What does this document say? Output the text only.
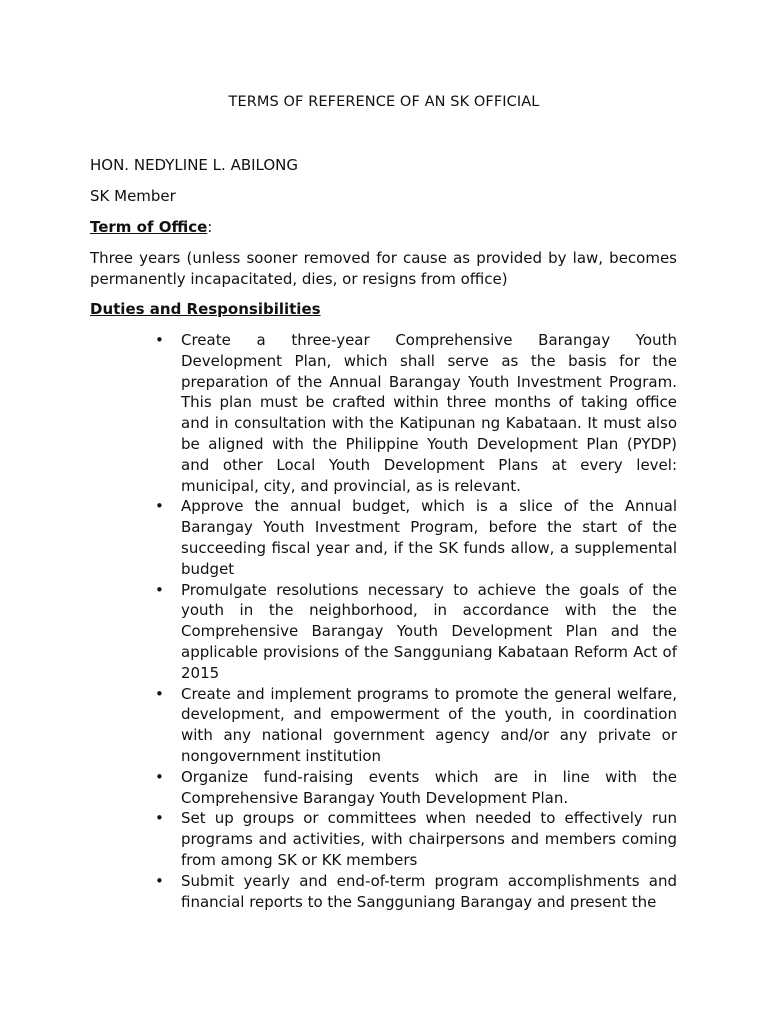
TERMS OF REFERENCE OF AN SK OFFICIAL
HON. NEDYLINE L. ABILONG
SK Member
Term of Office:
Three years (unless sooner removed for cause as provided by law, becomes permanently incapacitated, dies, or resigns from office)
Duties and Responsibilities
• Create a three-year Comprehensive Barangay Youth Development Plan, which shall serve as the basis for the preparation of the Annual Barangay Youth Investment Program. This plan must be crafted within three months of taking office and in consultation with the Katipunan ng Kabataan. It must also be aligned with the Philippine Youth Development Plan (PYDP) and other Local Youth Development Plans at every level: municipal, city, and provincial, as is relevant.
• Approve the annual budget, which is a slice of the Annual Barangay Youth Investment Program, before the start of the succeeding fiscal year and, if the SK funds allow, a supplemental budget
• Promulgate resolutions necessary to achieve the goals of the youth in the neighborhood, in accordance with the the Comprehensive Barangay Youth Development Plan and the applicable provisions of the Sangguniang Kabataan Reform Act of 2015
• Create and implement programs to promote the general welfare, development, and empowerment of the youth, in coordination with any national government agency and/or any private or nongovernment institution
• Organize fund-raising events which are in line with the Comprehensive Barangay Youth Development Plan.
• Set up groups or committees when needed to effectively run programs and activities, with chairpersons and members coming from among SK or KK members
• Submit yearly and end-of-term program accomplishments and financial reports to the Sangguniang Barangay and present the
